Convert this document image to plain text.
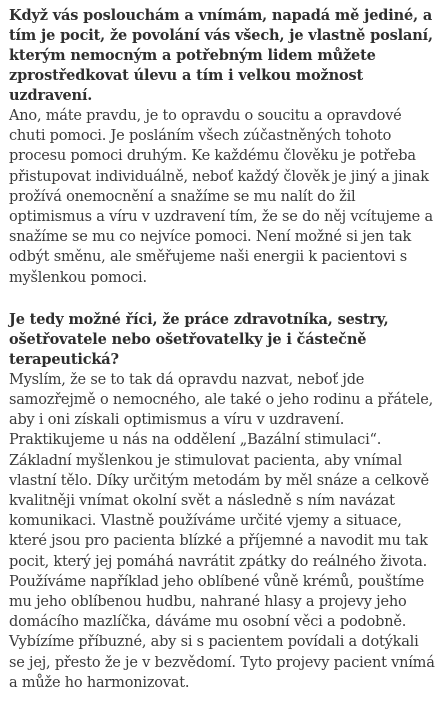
Když vás poslouchám a vnímám, napadá mě jediné, a tím je pocit, že povolání vás všech, je vlastně poslaní, kterým nemocným a potřebným lidem můžete zprostředkovat úlevu a tím i velkou možnost uzdravení.

Ano, máte pravdu, je to opravdu o soucitu a opravdové chuti pomoci. Je posláním všech zúčastněných tohoto procesu pomoci druhým. Ke každému člověku je potřeba přistupovat individuálně, neboť každý člověk je jiný a jinak prožívá onemocnění a snažíme se mu nalít do žil optimismus a víru v uzdravení tím, že se do něj vcítujeme a snažíme se mu co nejvíce pomoci. Není možné si jen tak odbýt směnu, ale směřujeme naši energii k pacientovi s myšlenkou pomoci.

Je tedy možné říci, že práce zdravotníka, sestry, ošetřovatele nebo ošetřovatelky je i částečně terapeutická?

Myslím, že se to tak dá opravdu nazvat, neboť jde samozřejmě o nemocného, ale také o jeho rodinu a přátele, aby i oni získali optimismus a víru v uzdravení. Praktikujeme u nás na oddělení „Bazální stimulaci“. Základní myšlenkou je stimulovat pacienta, aby vnímal vlastní tělo. Díky určitým metodám by měl snáze a celkově kvalitněji vnímat okolní svět a následně s ním navázat komunikaci. Vlastně používáme určité vjemy a situace, které jsou pro pacienta blízké a příjemné a navodit mu tak pocit, který jej pomáhá navrátit zpátky do reálného života. Používáme například jeho oblíbené vůně krémů, pouštíme mu jeho oblíbenou hudbu, nahrané hlasy a projevy jeho domácího mazlíčka, dáváme mu osobní věci a podobně. Vybízíme příbuzné, aby si s pacientem povídali a dotýkali se jej, přesto že je v bezvědomí. Tyto projevy pacient vnímá a může ho harmonizovat.
